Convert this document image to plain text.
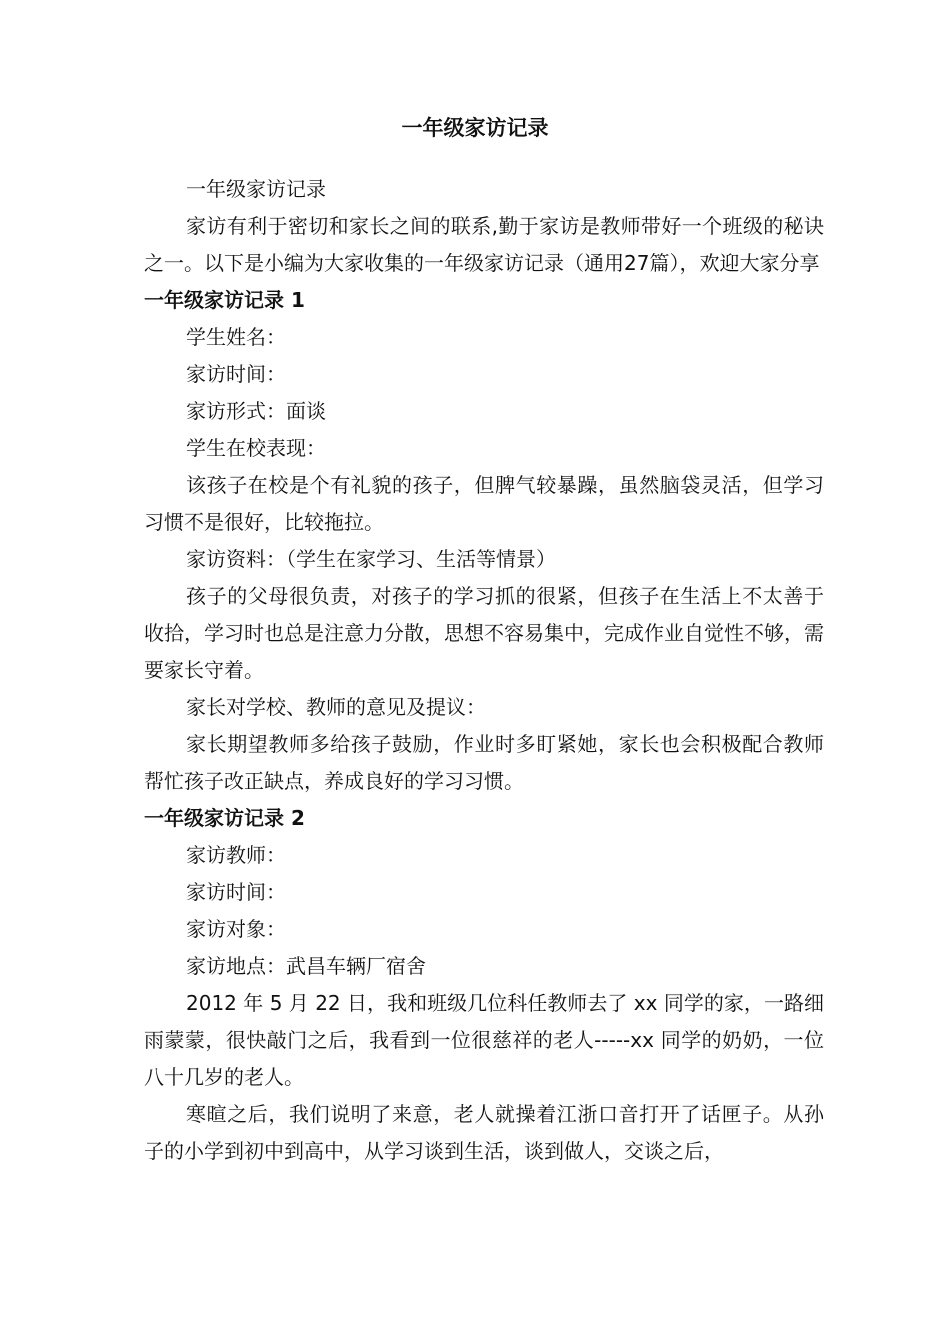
一年级家访记录

一年级家访记录

家访有利于密切和家长之间的联系,勤于家访是教师带好一个班级的秘诀之一。以下是小编为大家收集的一年级家访记录（通用27篇），欢迎大家分享

一年级家访记录 1

学生姓名：

家访时间：

家访形式：面谈

学生在校表现：

该孩子在校是个有礼貌的孩子，但脾气较暴躁，虽然脑袋灵活，但学习习惯不是很好，比较拖拉。

家访资料：（学生在家学习、生活等情景）

孩子的父母很负责，对孩子的学习抓的很紧，但孩子在生活上不太善于收拾，学习时也总是注意力分散，思想不容易集中，完成作业自觉性不够，需要家长守着。

家长对学校、教师的意见及提议：

家长期望教师多给孩子鼓励，作业时多盯紧她，家长也会积极配合教师帮忙孩子改正缺点，养成良好的学习习惯。

一年级家访记录 2

家访教师：

家访时间：

家访对象：

家访地点：武昌车辆厂宿舍

2012 年 5 月 22 日，我和班级几位科任教师去了 xx 同学的家，一路细雨蒙蒙，很快敲门之后，我看到一位很慈祥的老人-----xx 同学的奶奶，一位八十几岁的老人。

寒暄之后，我们说明了来意，老人就操着江浙口音打开了话匣子。从孙子的小学到初中到高中，从学习谈到生活，谈到做人，交谈之后，
